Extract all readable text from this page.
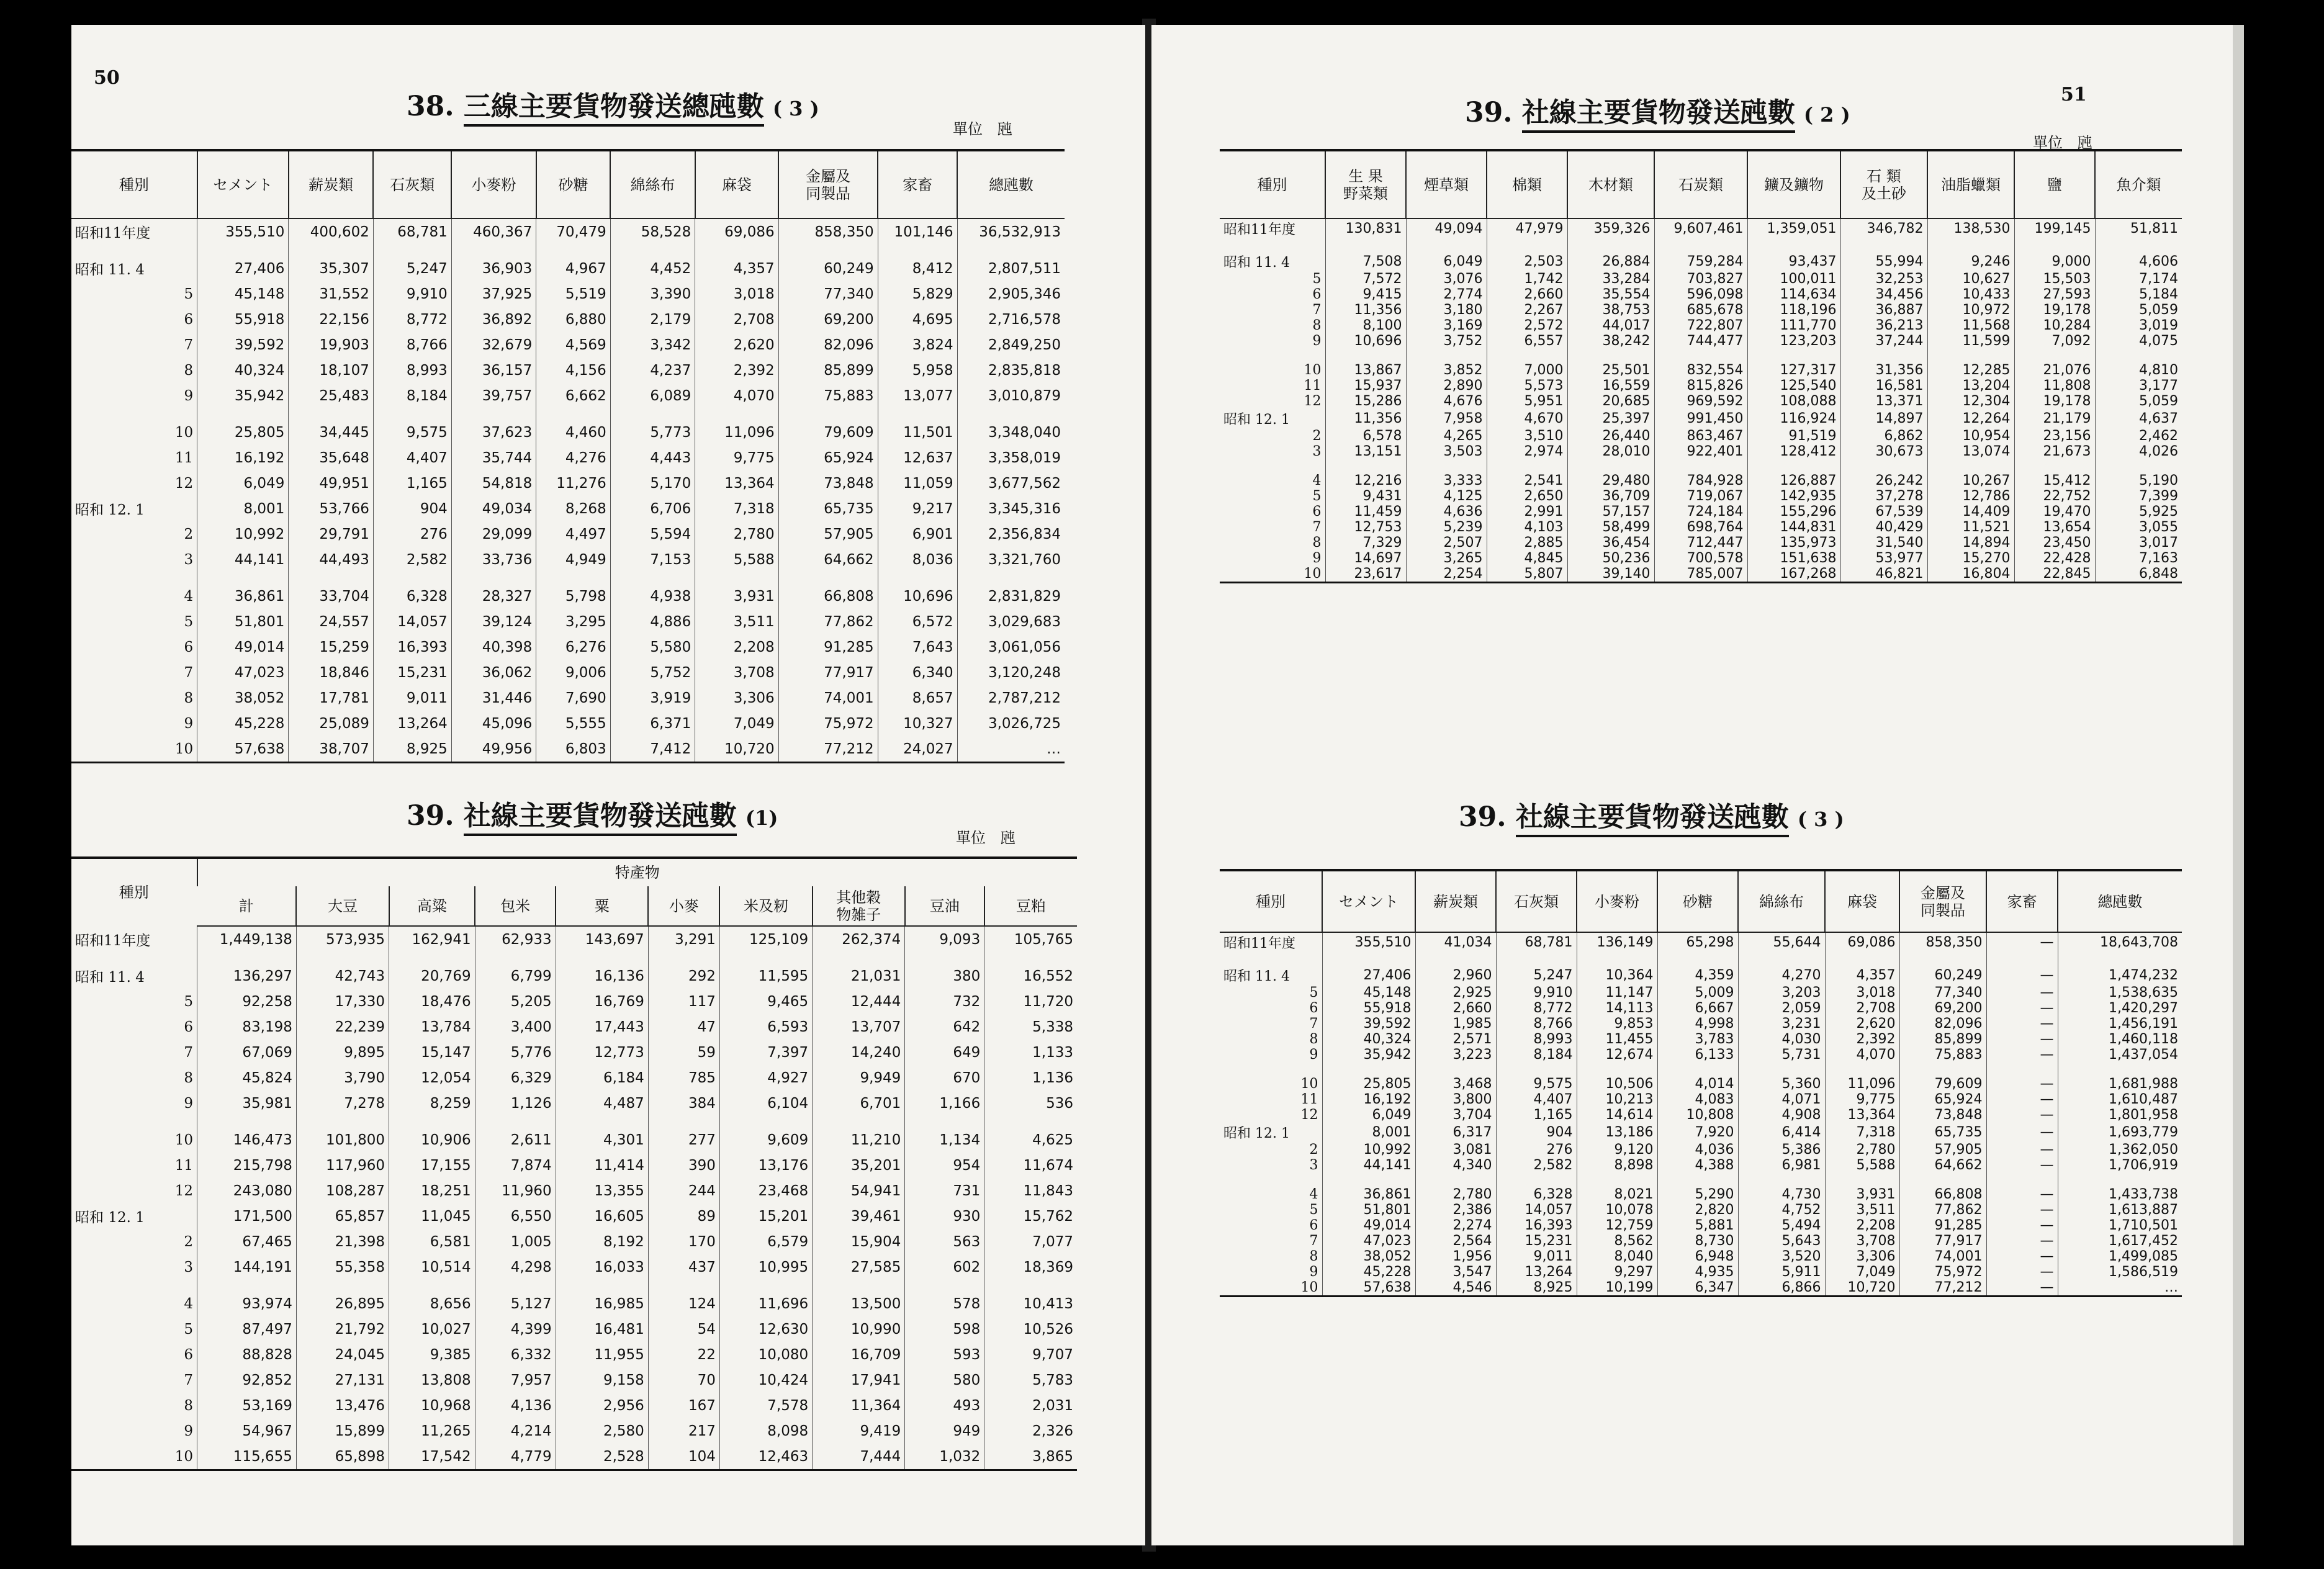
50
38. 三線主要貨物發送總瓲數 ( 3 )
單位　瓲
種別	セメント	薪炭類	石灰類	小麥粉	砂糖	綿絲布	麻袋	金屬及
同製品	家畜	總瓲數
昭和11年度	355,510	400,602	68,781	460,367	70,479	58,528	69,086	858,350	101,146	36,532,913
昭和 11. 4	27,406	35,307	5,247	36,903	4,967	4,452	4,357	60,249	8,412	2,807,511
5	45,148	31,552	9,910	37,925	5,519	3,390	3,018	77,340	5,829	2,905,346
6	55,918	22,156	8,772	36,892	6,880	2,179	2,708	69,200	4,695	2,716,578
7	39,592	19,903	8,766	32,679	4,569	3,342	2,620	82,096	3,824	2,849,250
8	40,324	18,107	8,993	36,157	4,156	4,237	2,392	85,899	5,958	2,835,818
9	35,942	25,483	8,184	39,757	6,662	6,089	4,070	75,883	13,077	3,010,879
10	25,805	34,445	9,575	37,623	4,460	5,773	11,096	79,609	11,501	3,348,040
11	16,192	35,648	4,407	35,744	4,276	4,443	9,775	65,924	12,637	3,358,019
12	6,049	49,951	1,165	54,818	11,276	5,170	13,364	73,848	11,059	3,677,562
昭和 12. 1	8,001	53,766	904	49,034	8,268	6,706	7,318	65,735	9,217	3,345,316
2	10,992	29,791	276	29,099	4,497	5,594	2,780	57,905	6,901	2,356,834
3	44,141	44,493	2,582	33,736	4,949	7,153	5,588	64,662	8,036	3,321,760
4	36,861	33,704	6,328	28,327	5,798	4,938	3,931	66,808	10,696	2,831,829
5	51,801	24,557	14,057	39,124	3,295	4,886	3,511	77,862	6,572	3,029,683
6	49,014	15,259	16,393	40,398	6,276	5,580	2,208	91,285	7,643	3,061,056
7	47,023	18,846	15,231	36,062	9,006	5,752	3,708	77,917	6,340	3,120,248
8	38,052	17,781	9,011	31,446	7,690	3,919	3,306	74,001	8,657	2,787,212
9	45,228	25,089	13,264	45,096	5,555	6,371	7,049	75,972	10,327	3,026,725
10	57,638	38,707	8,925	49,956	6,803	7,412	10,720	77,212	24,027	…
39. 社線主要貨物發送瓲數 (1)
單位　瓲
種別	特產物									
	計	大豆	高粱	包米	粟	小麥	米及籾	其他穀
物雑子	豆油	豆粕
昭和11年度	1,449,138	573,935	162,941	62,933	143,697	3,291	125,109	262,374	9,093	105,765
昭和 11. 4	136,297	42,743	20,769	6,799	16,136	292	11,595	21,031	380	16,552
5	92,258	17,330	18,476	5,205	16,769	117	9,465	12,444	732	11,720
6	83,198	22,239	13,784	3,400	17,443	47	6,593	13,707	642	5,338
7	67,069	9,895	15,147	5,776	12,773	59	7,397	14,240	649	1,133
8	45,824	3,790	12,054	6,329	6,184	785	4,927	9,949	670	1,136
9	35,981	7,278	8,259	1,126	4,487	384	6,104	6,701	1,166	536
10	146,473	101,800	10,906	2,611	4,301	277	9,609	11,210	1,134	4,625
11	215,798	117,960	17,155	7,874	11,414	390	13,176	35,201	954	11,674
12	243,080	108,287	18,251	11,960	13,355	244	23,468	54,941	731	11,843
昭和 12. 1	171,500	65,857	11,045	6,550	16,605	89	15,201	39,461	930	15,762
2	67,465	21,398	6,581	1,005	8,192	170	6,579	15,904	563	7,077
3	144,191	55,358	10,514	4,298	16,033	437	10,995	27,585	602	18,369
4	93,974	26,895	8,656	5,127	16,985	124	11,696	13,500	578	10,413
5	87,497	21,792	10,027	4,399	16,481	54	12,630	10,990	598	10,526
6	88,828	24,045	9,385	6,332	11,955	22	10,080	16,709	593	9,707
7	92,852	27,131	13,808	7,957	9,158	70	10,424	17,941	580	5,783
8	53,169	13,476	10,968	4,136	2,956	167	7,578	11,364	493	2,031
9	54,967	15,899	11,265	4,214	2,580	217	8,098	9,419	949	2,326
10	115,655	65,898	17,542	4,779	2,528	104	12,463	7,444	1,032	3,865
51
39. 社線主要貨物發送瓲數 ( 2 )
單位　瓲
種別	生 果
野菜類	煙草類	棉類	木材類	石炭類	鑛及鑛物	石 類
及土砂	油脂蠟類	鹽	魚介類
昭和11年度	130,831	49,094	47,979	359,326	9,607,461	1,359,051	346,782	138,530	199,145	51,811
昭和 11. 4	7,508	6,049	2,503	26,884	759,284	93,437	55,994	9,246	9,000	4,606
5	7,572	3,076	1,742	33,284	703,827	100,011	32,253	10,627	15,503	7,174
6	9,415	2,774	2,660	35,554	596,098	114,634	34,456	10,433	27,593	5,184
7	11,356	3,180	2,267	38,753	685,678	118,196	36,887	10,972	19,178	5,059
8	8,100	3,169	2,572	44,017	722,807	111,770	36,213	11,568	10,284	3,019
9	10,696	3,752	6,557	38,242	744,477	123,203	37,244	11,599	7,092	4,075
10	13,867	3,852	7,000	25,501	832,554	127,317	31,356	12,285	21,076	4,810
11	15,937	2,890	5,573	16,559	815,826	125,540	16,581	13,204	11,808	3,177
12	15,286	4,676	5,951	20,685	969,592	108,088	13,371	12,304	19,178	5,059
昭和 12. 1	11,356	7,958	4,670	25,397	991,450	116,924	14,897	12,264	21,179	4,637
2	6,578	4,265	3,510	26,440	863,467	91,519	6,862	10,954	23,156	2,462
3	13,151	3,503	2,974	28,010	922,401	128,412	30,673	13,074	21,673	4,026
4	12,216	3,333	2,541	29,480	784,928	126,887	26,242	10,267	15,412	5,190
5	9,431	4,125	2,650	36,709	719,067	142,935	37,278	12,786	22,752	7,399
6	11,459	4,636	2,991	57,157	724,184	155,296	67,539	14,409	19,470	5,925
7	12,753	5,239	4,103	58,499	698,764	144,831	40,429	11,521	13,654	3,055
8	7,329	2,507	2,885	36,454	712,447	135,973	31,540	14,894	23,450	3,017
9	14,697	3,265	4,845	50,236	700,578	151,638	53,977	15,270	22,428	7,163
10	23,617	2,254	5,807	39,140	785,007	167,268	46,821	16,804	22,845	6,848
39. 社線主要貨物發送瓲數 ( 3 )
種別	セメント	薪炭類	石灰類	小麥粉	砂糖	綿絲布	麻袋	金屬及
同製品	家畜	總瓲數
昭和11年度	355,510	41,034	68,781	136,149	65,298	55,644	69,086	858,350	—	18,643,708
昭和 11. 4	27,406	2,960	5,247	10,364	4,359	4,270	4,357	60,249	—	1,474,232
5	45,148	2,925	9,910	11,147	5,009	3,203	3,018	77,340	—	1,538,635
6	55,918	2,660	8,772	14,113	6,667	2,059	2,708	69,200	—	1,420,297
7	39,592	1,985	8,766	9,853	4,998	3,231	2,620	82,096	—	1,456,191
8	40,324	2,571	8,993	11,455	3,783	4,030	2,392	85,899	—	1,460,118
9	35,942	3,223	8,184	12,674	6,133	5,731	4,070	75,883	—	1,437,054
10	25,805	3,468	9,575	10,506	4,014	5,360	11,096	79,609	—	1,681,988
11	16,192	3,800	4,407	10,213	4,083	4,071	9,775	65,924	—	1,610,487
12	6,049	3,704	1,165	14,614	10,808	4,908	13,364	73,848	—	1,801,958
昭和 12. 1	8,001	6,317	904	13,186	7,920	6,414	7,318	65,735	—	1,693,779
2	10,992	3,081	276	9,120	4,036	5,386	2,780	57,905	—	1,362,050
3	44,141	4,340	2,582	8,898	4,388	6,981	5,588	64,662	—	1,706,919
4	36,861	2,780	6,328	8,021	5,290	4,730	3,931	66,808	—	1,433,738
5	51,801	2,386	14,057	10,078	2,820	4,752	3,511	77,862	—	1,613,887
6	49,014	2,274	16,393	12,759	5,881	5,494	2,208	91,285	—	1,710,501
7	47,023	2,564	15,231	8,562	8,730	5,643	3,708	77,917	—	1,617,452
8	38,052	1,956	9,011	8,040	6,948	3,520	3,306	74,001	—	1,499,085
9	45,228	3,547	13,264	9,297	4,935	5,911	7,049	75,972	—	1,586,519
10	57,638	4,546	8,925	10,199	6,347	6,866	10,720	77,212	—	…
